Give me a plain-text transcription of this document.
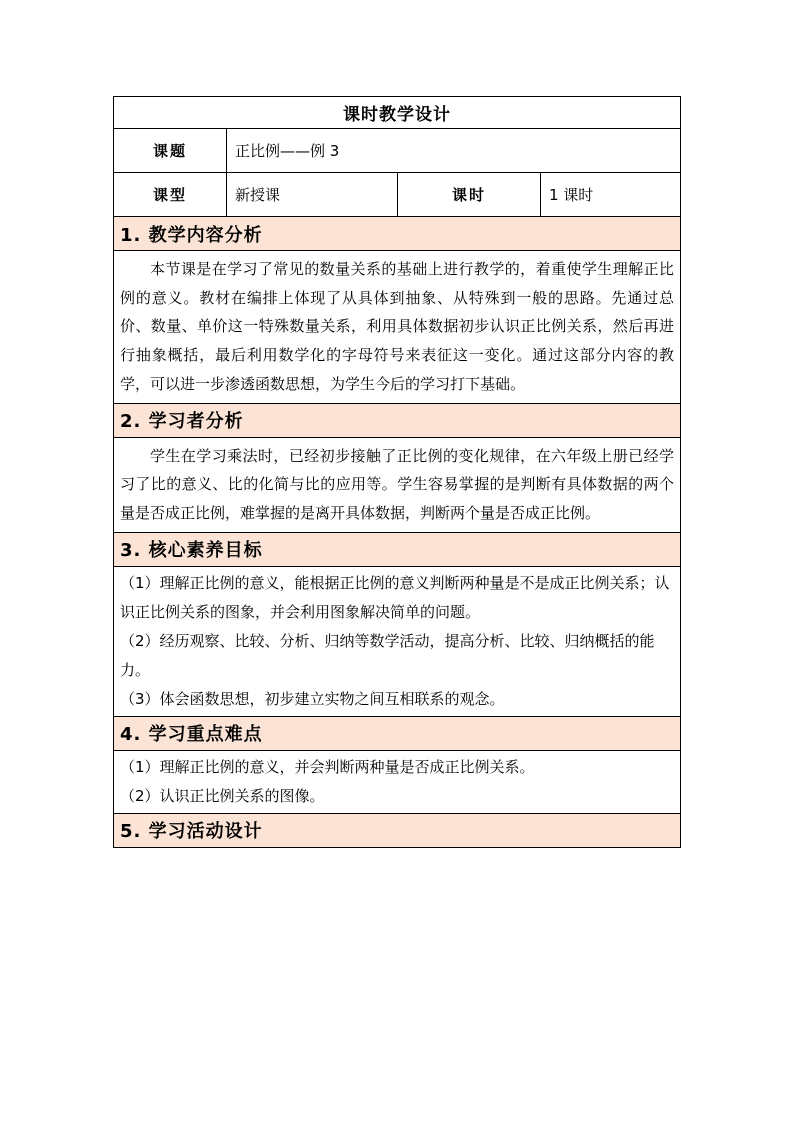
课时教学设计			
课题	正比例——例 3		
课型	新授课	课时	1 课时
1. 教学内容分析			

本节课是在学习了常见的数量关系的基础上进行教学的，着重使学生理解正比例的意义。教材在编排上体现了从具体到抽象、从特殊到一般的思路。先通过总价、数量、单价这一特殊数量关系，利用具体数据初步认识正比例关系，然后再进行抽象概括，最后利用数学化的字母符号来表征这一变化。通过这部分内容的教学，可以进一步渗透函数思想，为学生今后的学习打下基础。			

2. 学习者分析			

学生在学习乘法时，已经初步接触了正比例的变化规律，在六年级上册已经学习了比的意义、比的化简与比的应用等。学生容易掌握的是判断有具体数据的两个量是否成正比例，难掌握的是离开具体数据，判断两个量是否成正比例。			

3. 核心素养目标			

（1）理解正比例的意义，能根据正比例的意义判断两种量是不是成正比例关系；认识正比例关系的图象，并会利用图象解决简单的问题。
（2）经历观察、比较、分析、归纳等数学活动，提高分析、比较、归纳概括的能力。
（3）体会函数思想，初步建立实物之间互相联系的观念。			

4. 学习重点难点			

（1）理解正比例的意义，并会判断两种量是否成正比例关系。
（2）认识正比例关系的图像。			

5. 学习活动设计			
